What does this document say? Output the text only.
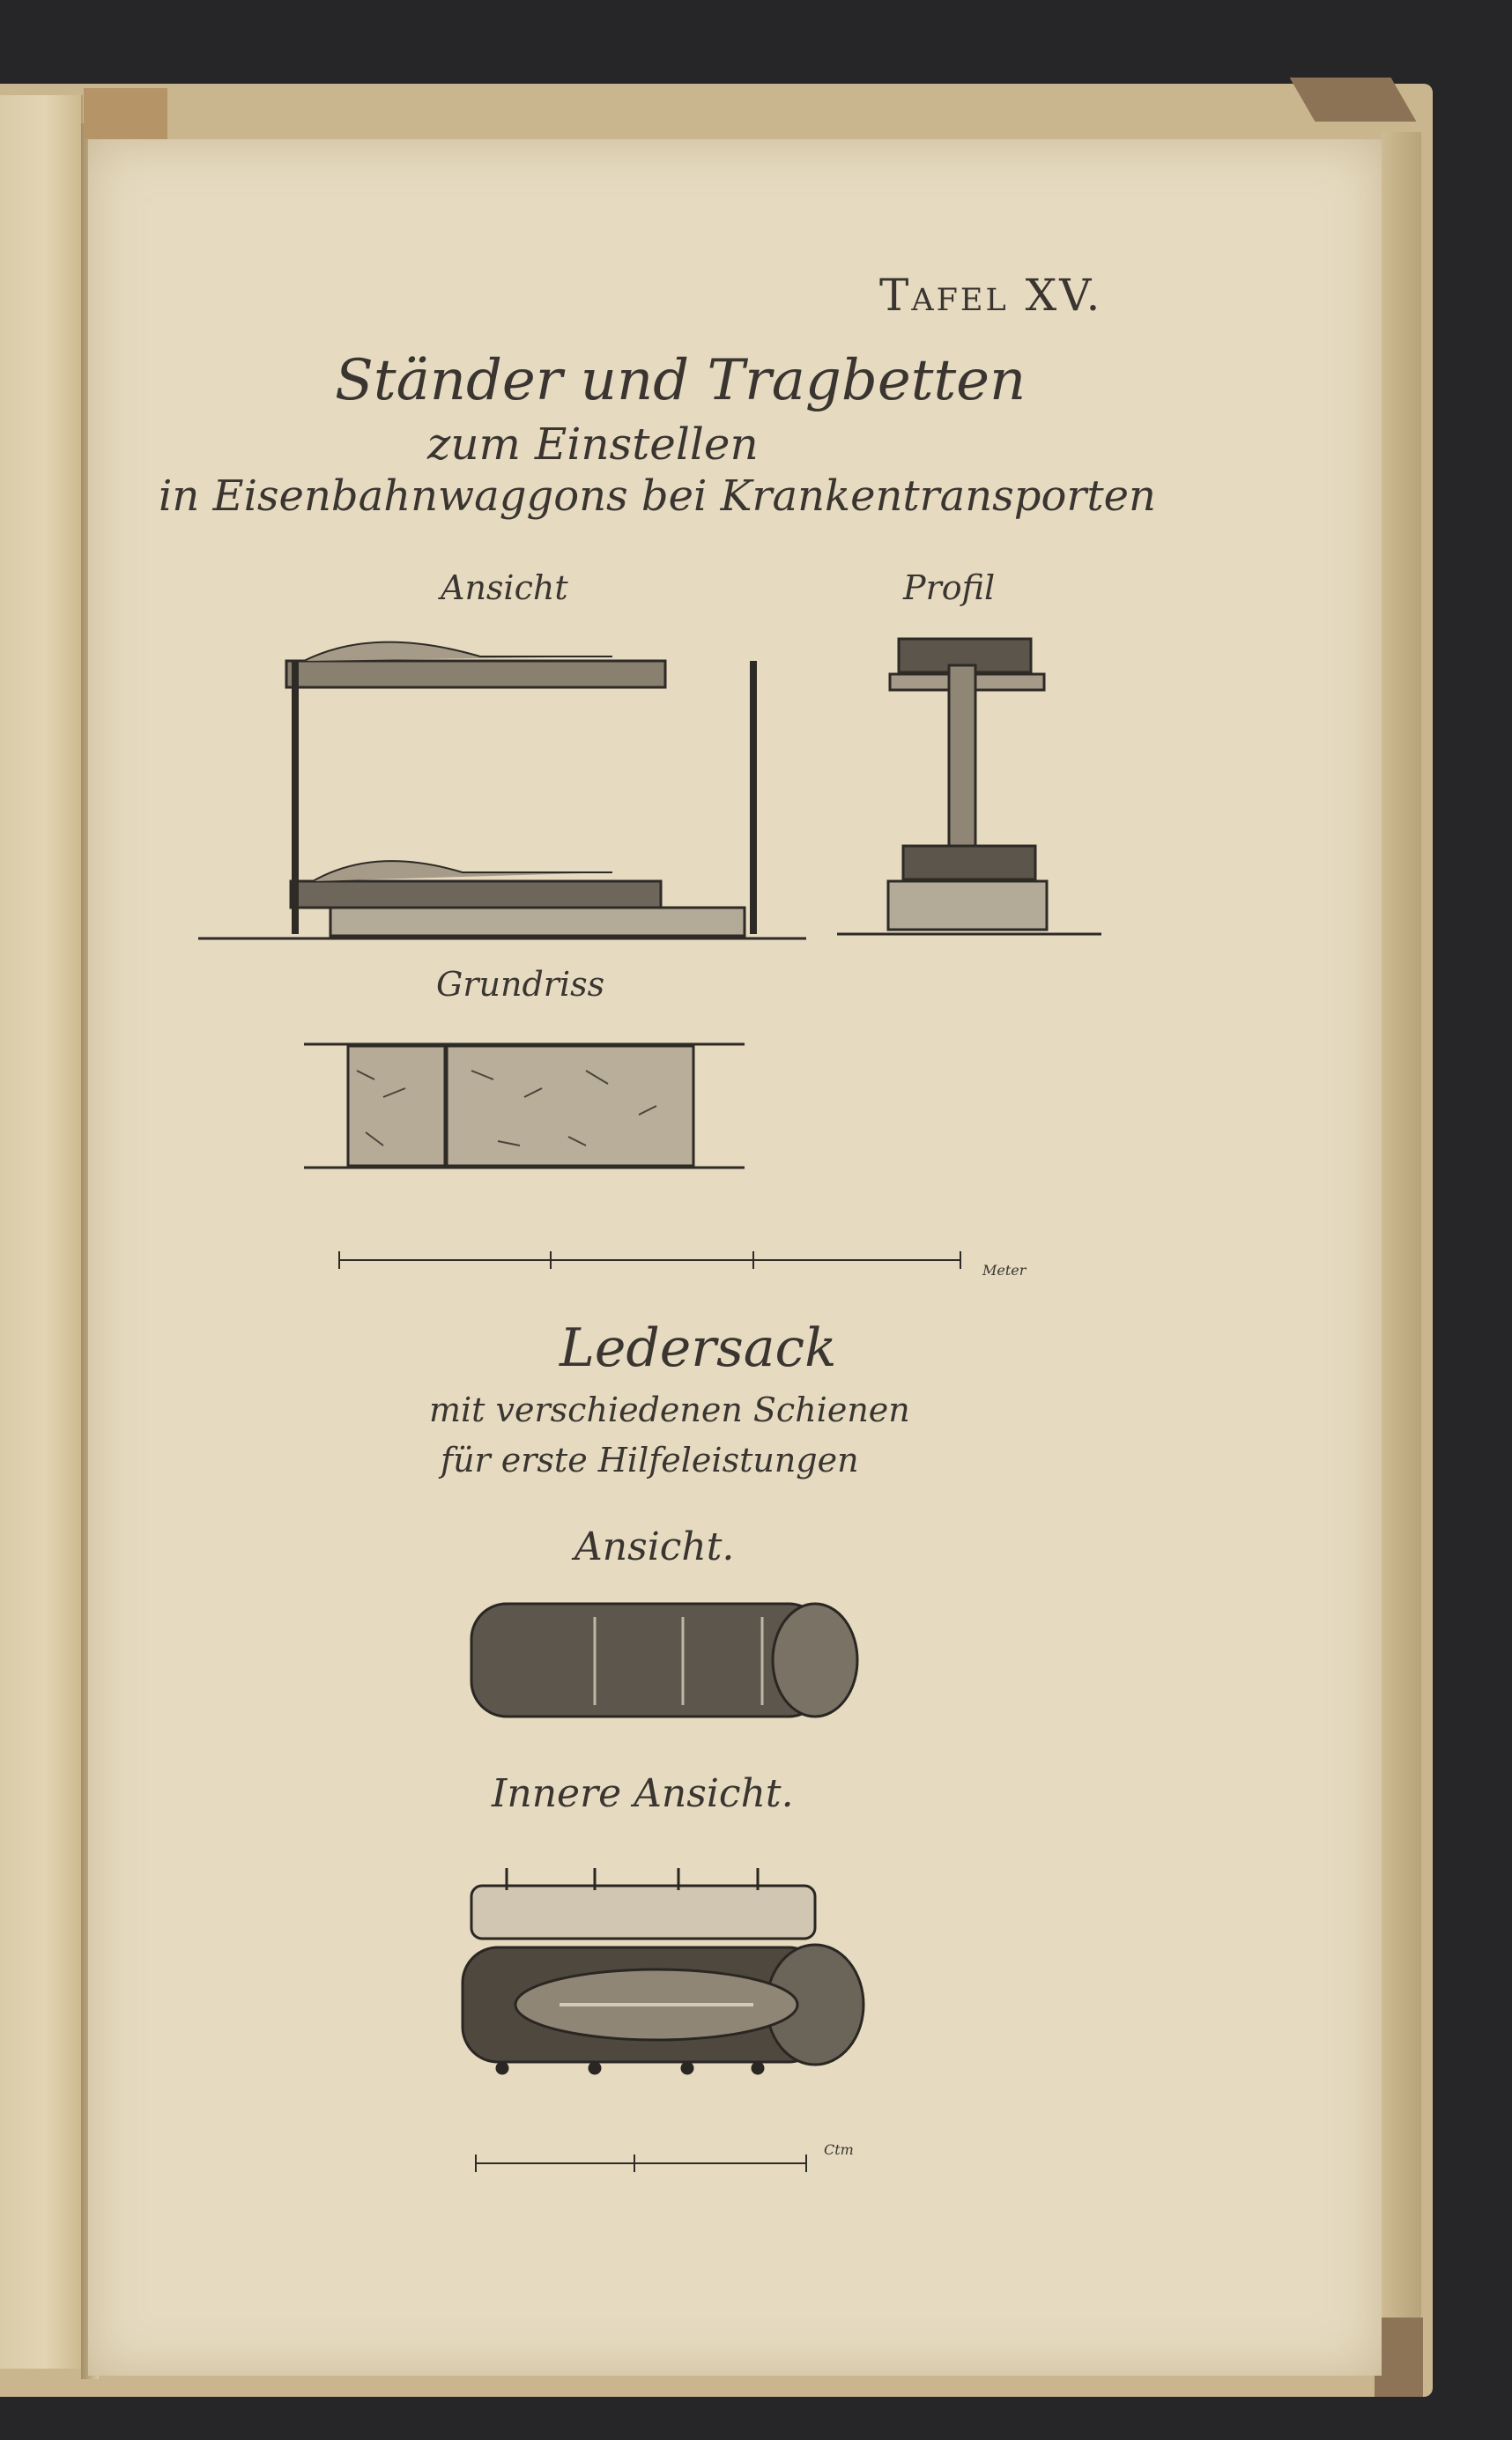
Tafel XV.
Ständer und Tragbetten
zum Einstellen
in Eisenbahnwaggons bei Krankentransporten
Ansicht	Profil
Grundriss
Meter
Ledersack
mit verschiedenen Schienen
für erste Hilfeleistungen
Ansicht.
Innere Ansicht.
Ctm
